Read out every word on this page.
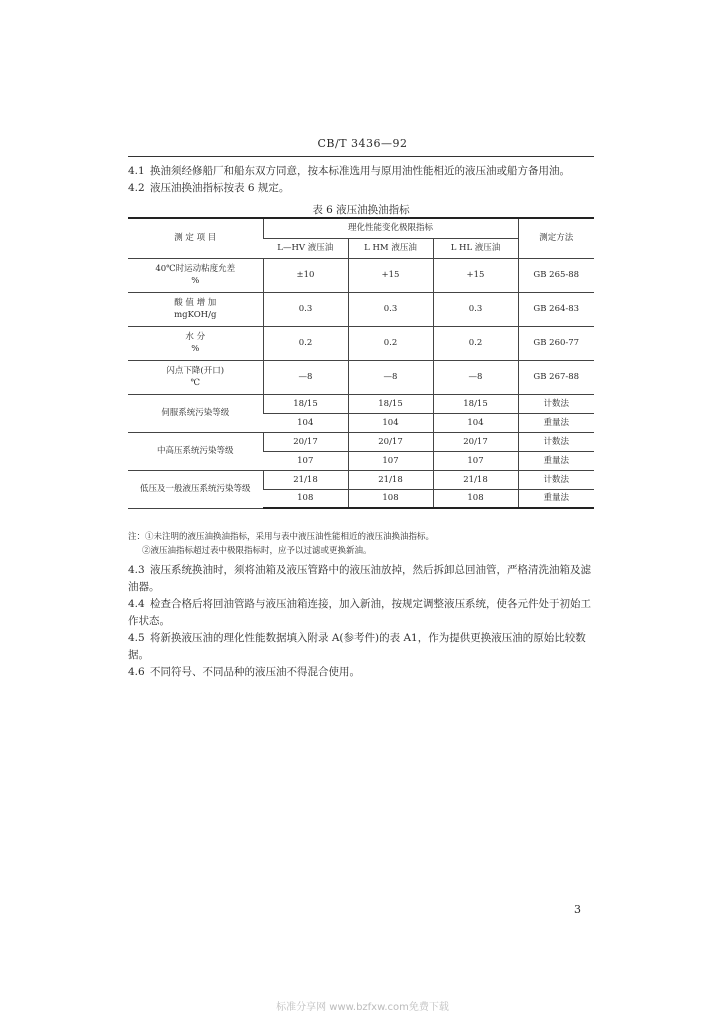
CB/T 3436—92
4.1 换油须经修船厂和船东双方同意，按本标准选用与原用油性能相近的液压油或船方备用油。
4.2 液压油换油指标按表 6 规定。
表 6 液压油换油指标
测 定 项 目	理化性能变化极限指标			测定方法
	L—HV 液压油	L HM 液压油	L HL 液压油	

40℃时运动粘度允差
%	±10	+15	+15	GB 265-88

酸 值 增 加
mgKOH/g	0.3	0.3	0.3	GB 264-83

水 分
%	0.2	0.2	0.2	GB 260-77

闪点下降(开口)
℃	—8	—8	—8	GB 267-88
伺服系统污染等级	18/15	18/15	18/15	计数法
	104	104	104	重量法
中高压系统污染等级	20/17	20/17	20/17	计数法
	107	107	107	重量法
低压及一般液压系统污染等级	21/18	21/18	21/18	计数法
	108	108	108	重量法
注：①未注明的液压油换油指标，采用与表中液压油性能相近的液压油换油指标。
②液压油指标超过表中极限指标时，应予以过滤或更换新油。
4.3 液压系统换油时，须将油箱及液压管路中的液压油放掉，然后拆卸总回油管，严格清洗油箱及滤油器。
4.4 检查合格后将回油管路与液压油箱连接，加入新油，按规定调整液压系统，使各元件处于初始工作状态。
4.5 将新换液压油的理化性能数据填入附录 A(参考件)的表 A1，作为提供更换液压油的原始比较数据。
4.6 不同符号、不同品种的液压油不得混合使用。
3
标准分享网 www.bzfxw.com免费下载
